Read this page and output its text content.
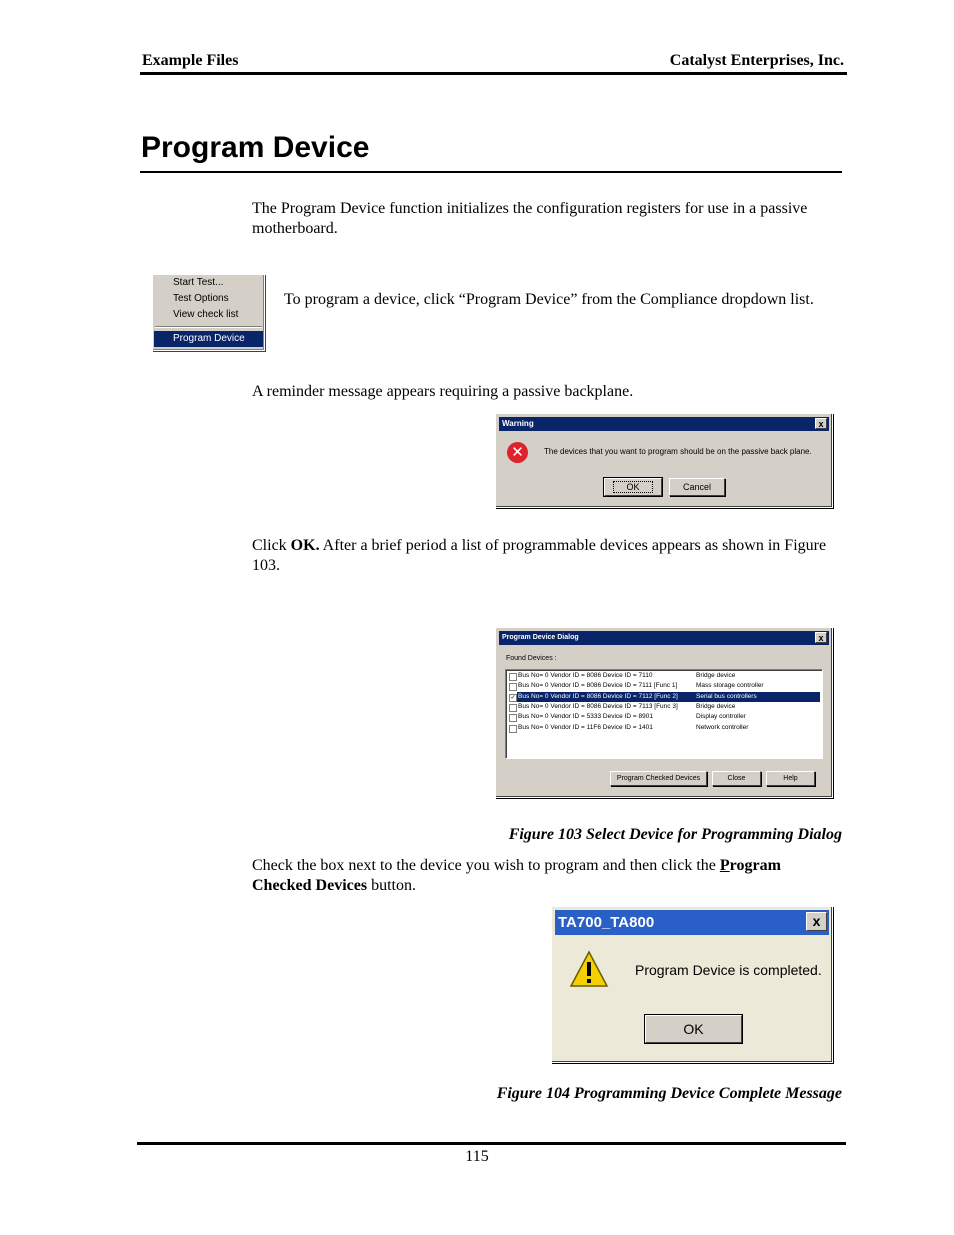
Example Files	Catalyst Enterprises, Inc.
Program Device
The Program Device function initializes the configuration registers for use in a passive motherboard.
Start Test...
Test Options
View check list
Program Device
To program a device, click “Program Device” from the Compliance dropdown list.
A reminder message appears requiring a passive backplane.
Warning	x
✕	The devices that you want to program should be on the passive back plane.
OK	Cancel
Click OK. After a brief period a list of programmable devices appears as shown in Figure 103.
Program Device Dialog	x
Found Devices :
Bus No= 0 Vendor ID = 8086 Device ID = 7110	Bridge device
Bus No= 0 Vendor ID = 8086 Device ID = 7111 [Func 1]	Mass storage controller
Bus No= 0 Vendor ID = 8086 Device ID = 7112 [Func 2]	Serial bus controllers
✓
Bus No= 0 Vendor ID = 8086 Device ID = 7113 [Func 3]	Bridge device
Bus No= 0 Vendor ID = 5333 Device ID = 8901	Display controller
Bus No= 0 Vendor ID = 11F6 Device ID = 1401	Network controller
Program Checked Devices	Close	Help
Figure 103 Select Device for Programming Dialog
Check the box next to the device you wish to program and then click the Program Checked Devices button.
TA700_TA800	x
Program Device is completed.
OK
Figure 104 Programming Device Complete Message
115
